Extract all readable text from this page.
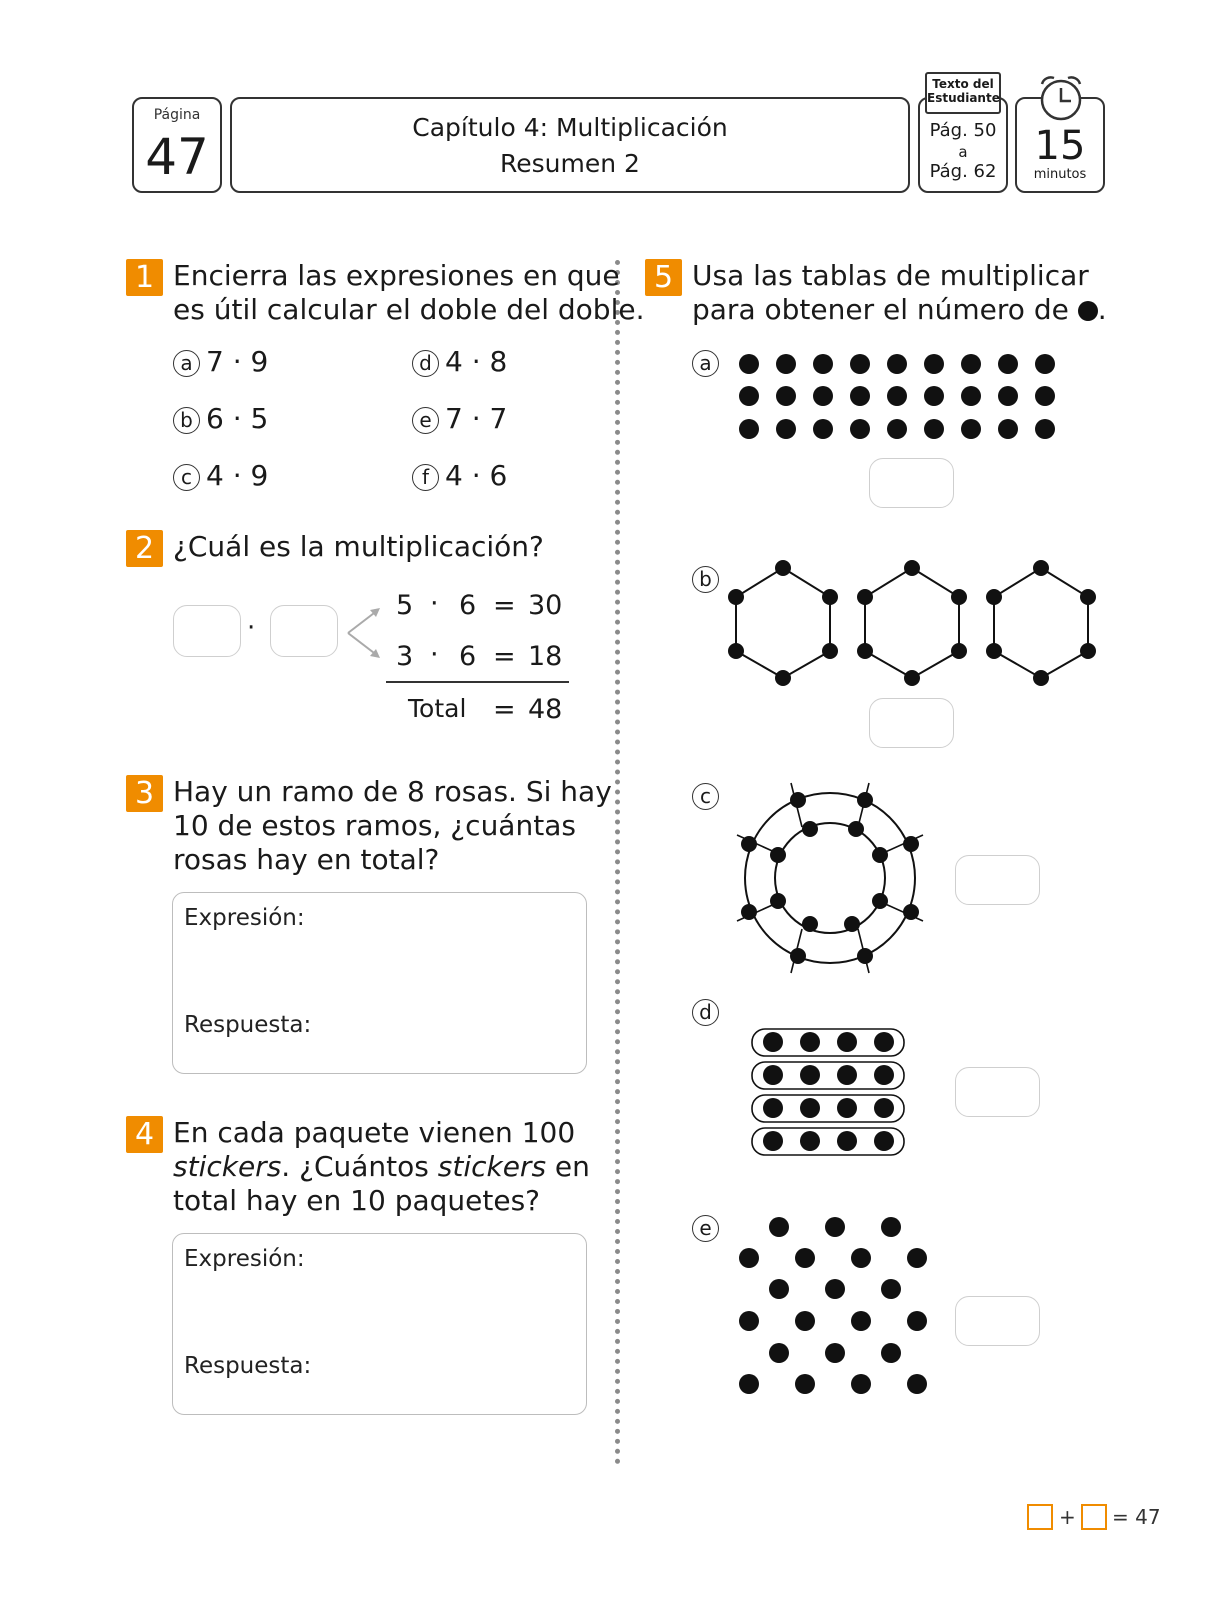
Página
47
Capítulo 4: Multiplicación
Resumen 2
Pág. 50
a
Pág. 62
Texto del
Estudiante
15
minutos
1 Encierra las expresiones en que
es útil calcular el doble del doble.
a 7 · 9
b 6 · 5
c 4 · 9
d 4 · 8
e 7 · 7
f 4 · 6
2 ¿Cuál es la multiplicación?
·
5 · 6 = 30
3 · 6 = 18
Total = 48
3 Hay un ramo de 8 rosas. Si hay
10 de estos ramos, ¿cuántas
rosas hay en total?
Expresión:
Respuesta:
4 En cada paquete vienen 100
stickers. ¿Cuántos stickers en
total hay en 10 paquetes?
Expresión:
Respuesta:
5 Usa las tablas de multiplicar
para obtener el número de .
a
b
c
d
e
+ = 47
